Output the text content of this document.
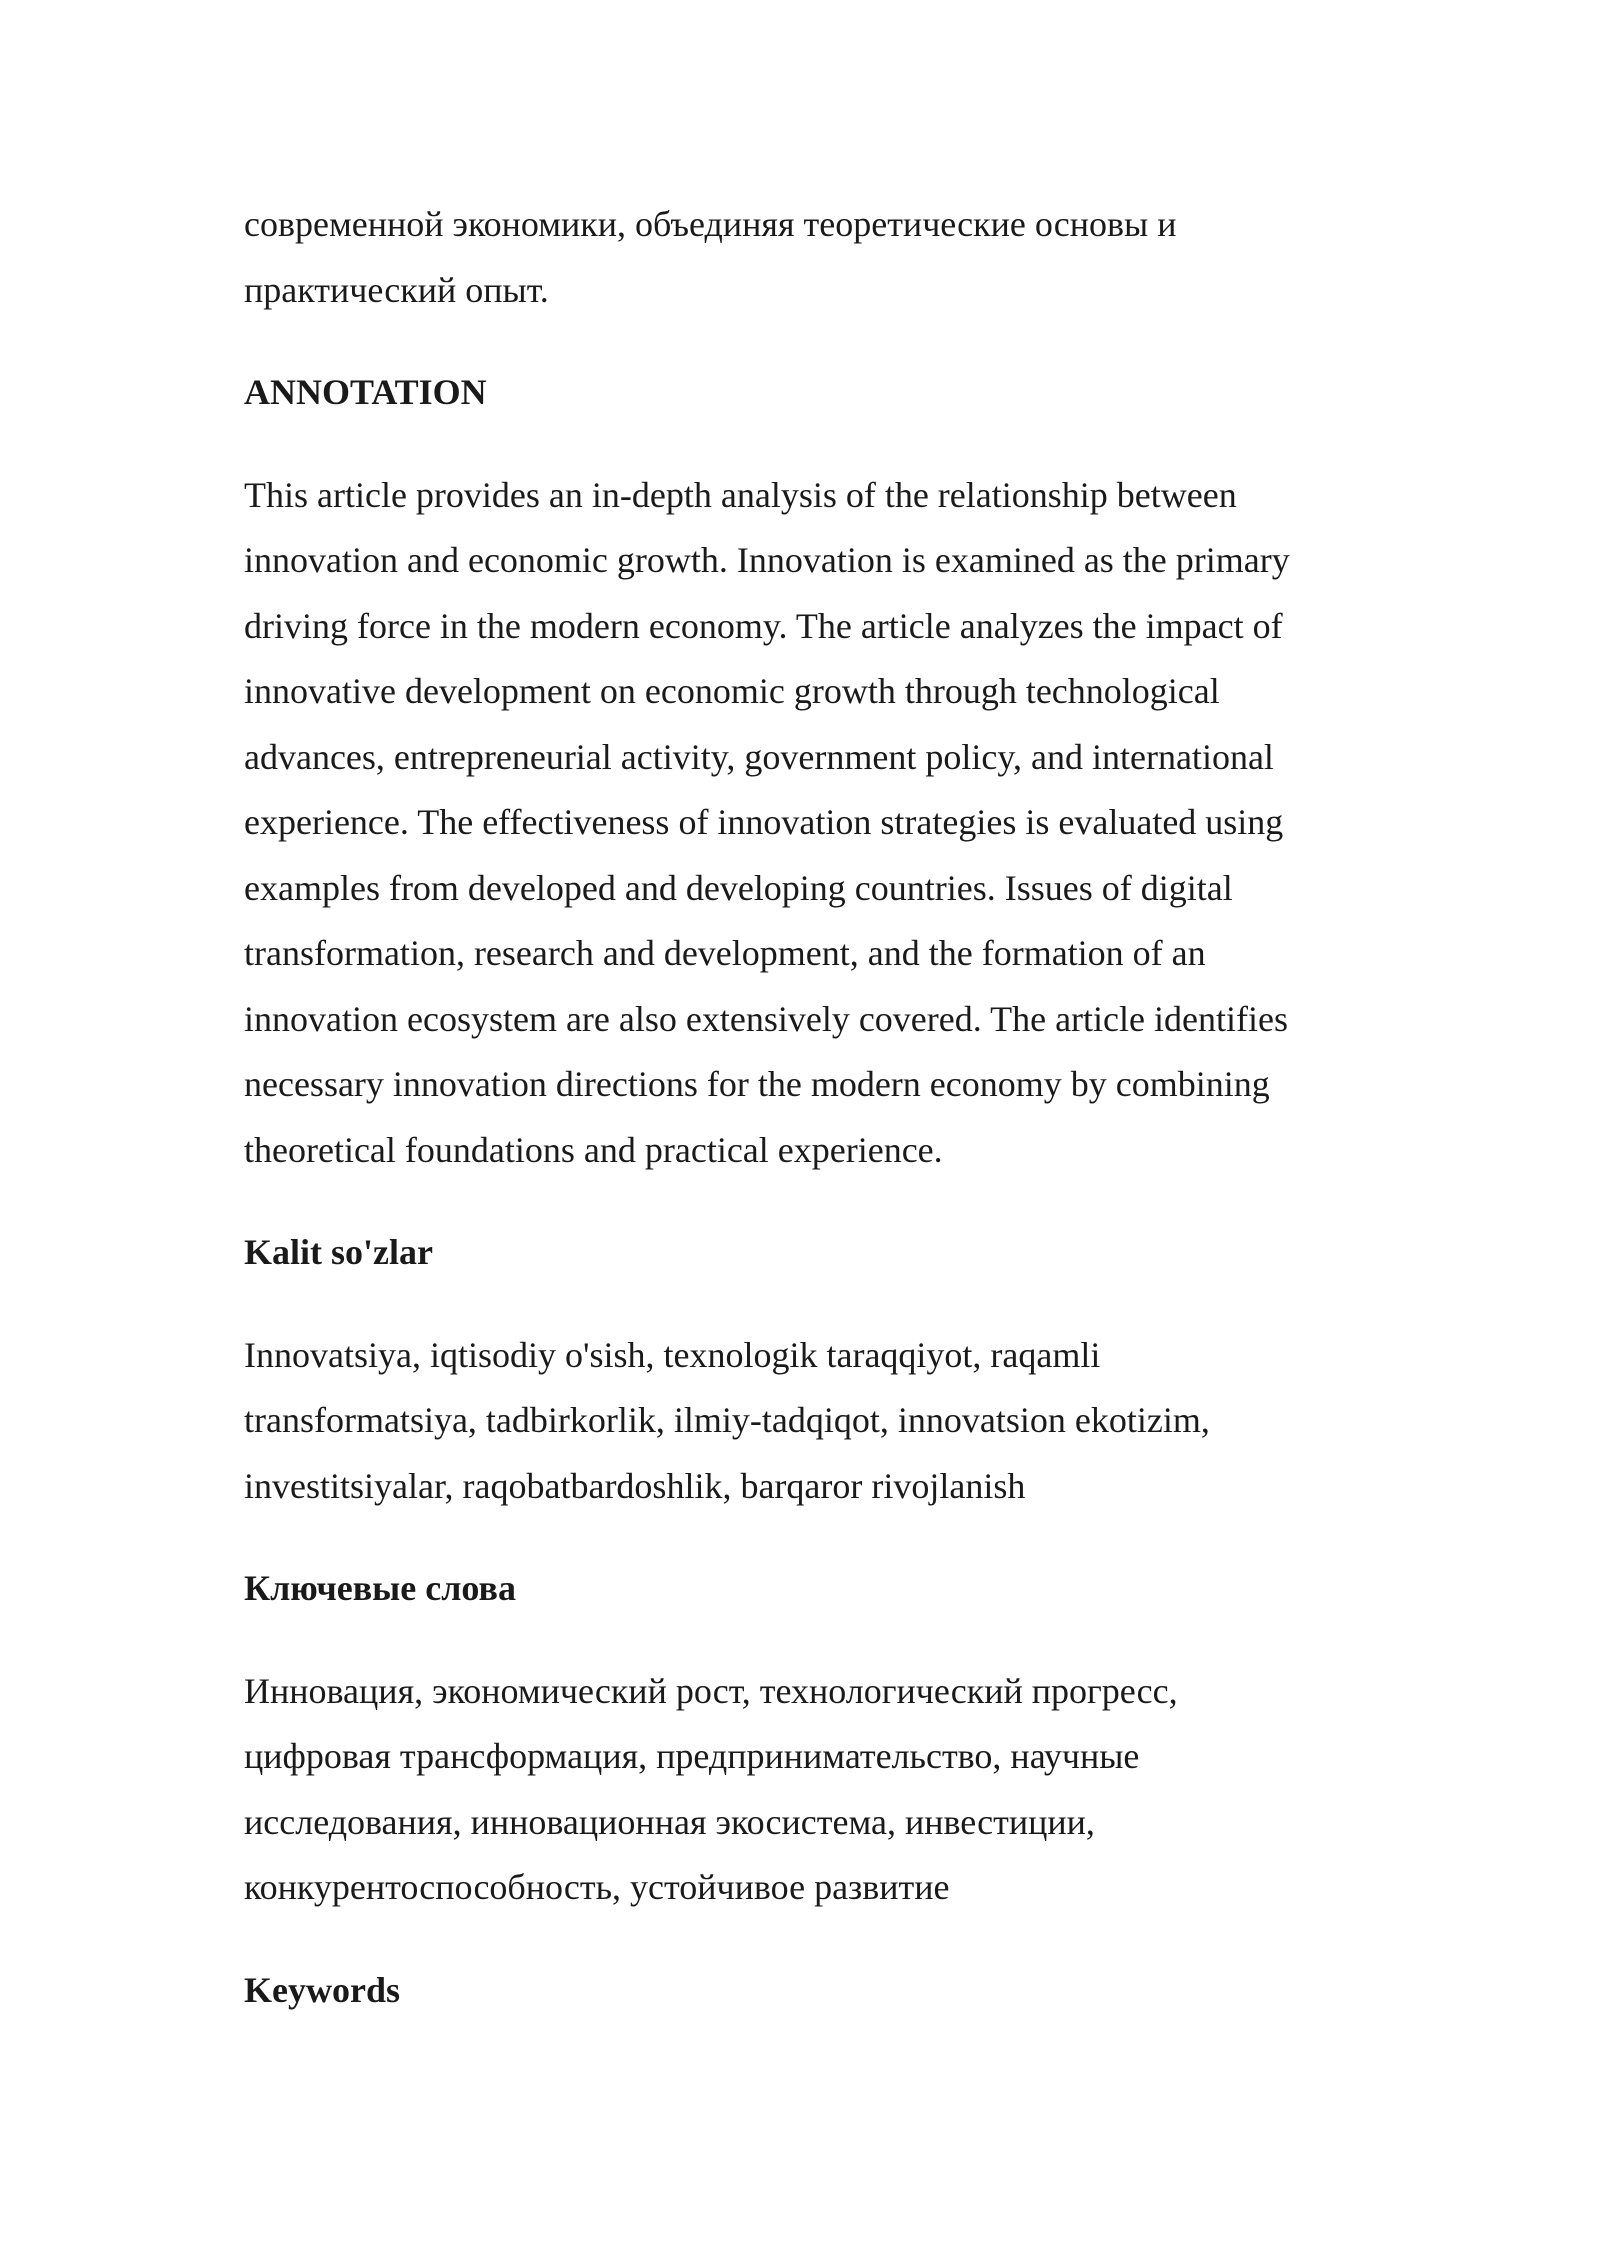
современной экономики, объединяя теоретические основы и
практический опыт.
ANNOTATION
This article provides an in-depth analysis of the relationship between
innovation and economic growth. Innovation is examined as the primary
driving force in the modern economy. The article analyzes the impact of
innovative development on economic growth through technological
advances, entrepreneurial activity, government policy, and international
experience. The effectiveness of innovation strategies is evaluated using
examples from developed and developing countries. Issues of digital
transformation, research and development, and the formation of an
innovation ecosystem are also extensively covered. The article identifies
necessary innovation directions for the modern economy by combining
theoretical foundations and practical experience.
Kalit so'zlar
Innovatsiya, iqtisodiy o'sish, texnologik taraqqiyot, raqamli
transformatsiya, tadbirkorlik, ilmiy-tadqiqot, innovatsion ekotizim,
investitsiyalar, raqobatbardoshlik, barqaror rivojlanish
Ключевые слова
Инновация, экономический рост, технологический прогресс,
цифровая трансформация, предпринимательство, научные
исследования, инновационная экосистема, инвестиции,
конкурентоспособность, устойчивое развитие
Keywords
